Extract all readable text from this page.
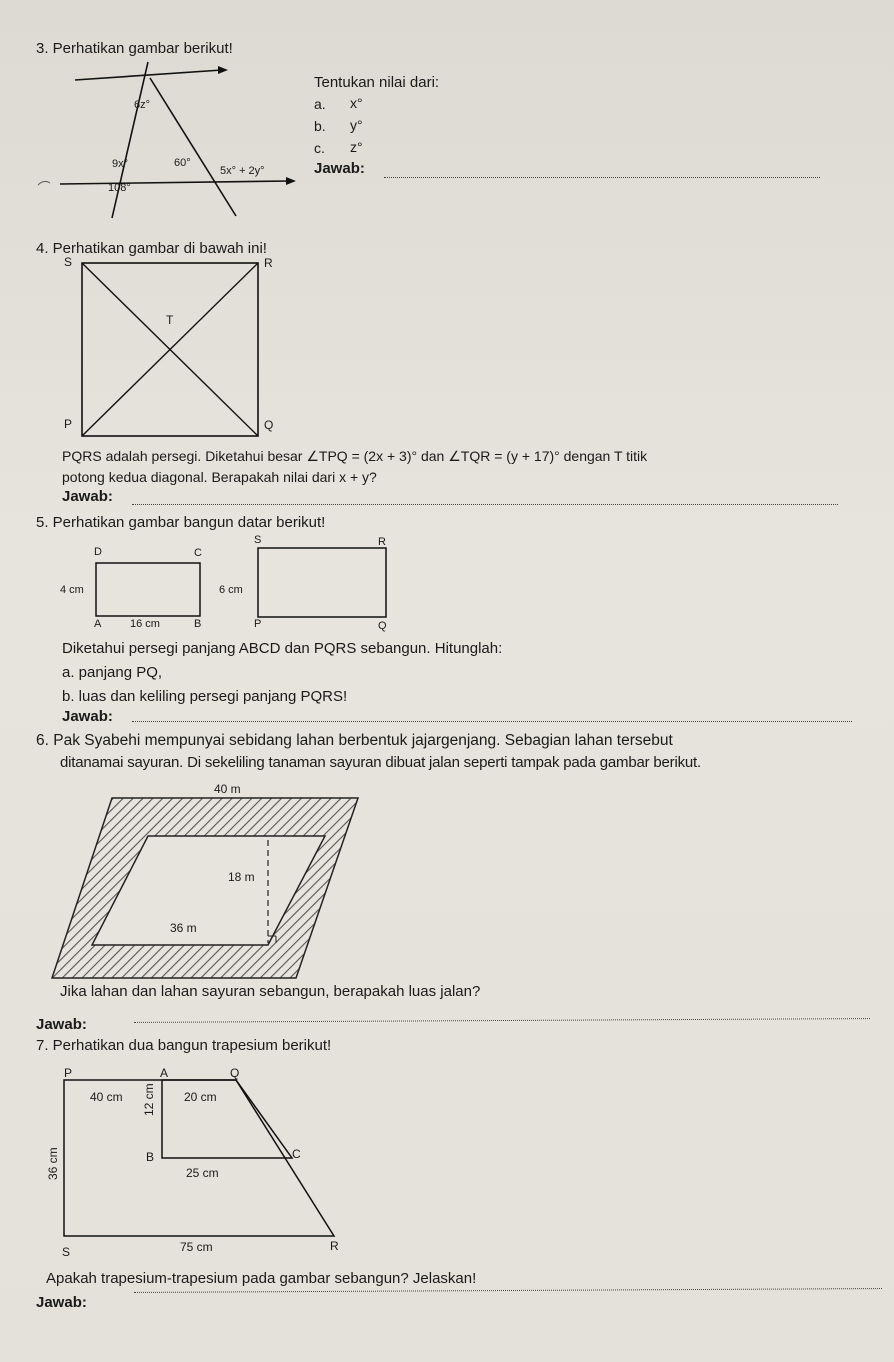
3. Perhatikan gambar berikut!
6z°
9x°	60°
5x° + 2y°
108°
Tentukan nilai dari:
a. x°
b. y°
c. z°
Jawab:
4. Perhatikan gambar di bawah ini!
S	R
T
P	Q
PQRS adalah persegi. Diketahui besar ∠TPQ = (2x + 3)° dan ∠TQR = (y + 17)° dengan T titik
potong kedua diagonal. Berapakah nilai dari x + y?
Jawab:
5. Perhatikan gambar bangun datar berikut!
D	C
4 cm
A	16 cm	B
S	R
6 cm
P	Q
Diketahui persegi panjang ABCD dan PQRS sebangun. Hitunglah:
a. panjang PQ,
b. luas dan keliling persegi panjang PQRS!
Jawab:
6. Pak Syabehi mempunyai sebidang lahan berbentuk jajargenjang. Sebagian lahan tersebut
ditanamai sayuran. Di sekeliling tanaman sayuran dibuat jalan seperti tampak pada gambar berikut.
40 m
18 m
36 m
Jika lahan dan lahan sayuran sebangun, berapakah luas jalan?
Jawab:
7. Perhatikan dua bangun trapesium berikut!
P	A	Q
40 cm	20 cm
12 cm
B	C
25 cm
36 cm
S	75 cm	R
Apakah trapesium-trapesium pada gambar sebangun? Jelaskan!
Jawab:
